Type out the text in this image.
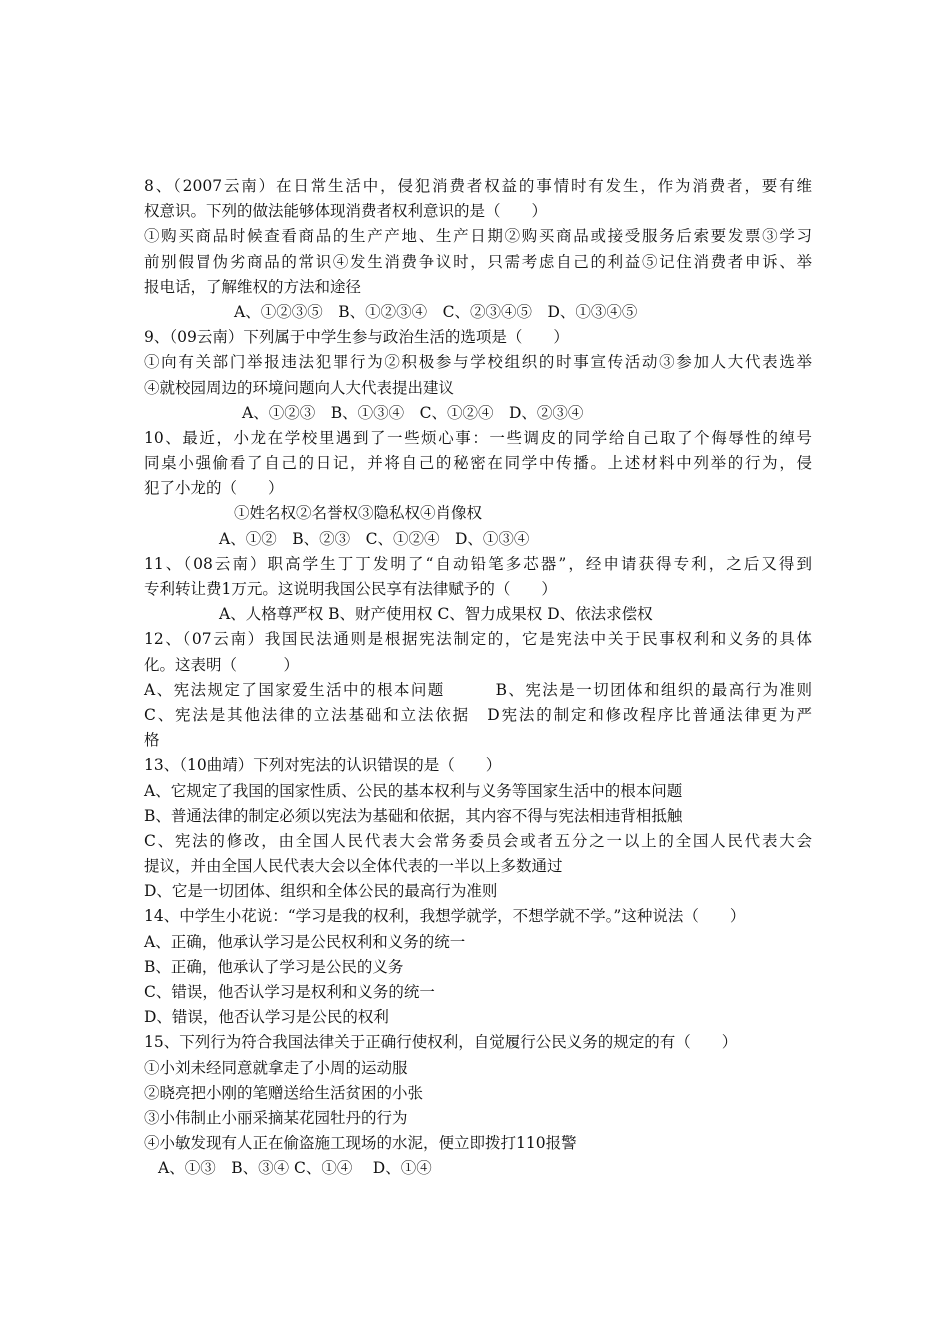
8、（2007云南）在日常生活中，侵犯消费者权益的事情时有发生，作为消费者，要有维
权意识。下列的做法能够体现消费者权利意识的是（　　）
①购买商品时候查看商品的生产产地、生产日期②购买商品或接受服务后索要发票③学习
前别假冒伪劣商品的常识④发生消费争议时，只需考虑自己的利益⑤记住消费者申诉、举
报电话，了解维权的方法和途径
A、①②③⑤　B、①②③④　C、②③④⑤　D、①③④⑤
9、（09云南）下列属于中学生参与政治生活的选项是（　　）
①向有关部门举报违法犯罪行为②积极参与学校组织的时事宣传活动③参加人大代表选举
④就校园周边的环境问题向人大代表提出建议
A、①②③　B、①③④　C、①②④　D、②③④
10、最近，小龙在学校里遇到了一些烦心事：一些调皮的同学给自己取了个侮辱性的绰号
同桌小强偷看了自己的日记，并将自己的秘密在同学中传播。上述材料中列举的行为，侵
犯了小龙的（　　）
①姓名权②名誉权③隐私权④肖像权
A、①②　B、②③　C、①②④　D、①③④
11、（08云南）职高学生丁丁发明了“自动铅笔多芯器”，经申请获得专利，之后又得到
专利转让费1万元。这说明我国公民享有法律赋予的（　　）
A、人格尊严权 B、财产使用权 C、智力成果权 D、依法求偿权
12、（07云南）我国民法通则是根据宪法制定的，它是宪法中关于民事权利和义务的具体
化。这表明（　　　）
A、宪法规定了国家爱生活中的根本问题　　　B、宪法是一切团体和组织的最高行为准则
C、宪法是其他法律的立法基础和立法依据　D宪法的制定和修改程序比普通法律更为严
格
13、（10曲靖）下列对宪法的认识错误的是（　　）
A、它规定了我国的国家性质、公民的基本权利与义务等国家生活中的根本问题
B、普通法律的制定必须以宪法为基础和依据，其内容不得与宪法相违背相抵触
C、宪法的修改，由全国人民代表大会常务委员会或者五分之一以上的全国人民代表大会
提议，并由全国人民代表大会以全体代表的一半以上多数通过
D、它是一切团体、组织和全体公民的最高行为准则
14、中学生小花说：“学习是我的权利，我想学就学，不想学就不学。”这种说法（　　）
A、正确，他承认学习是公民权利和义务的统一
B、正确，他承认了学习是公民的义务
C、错误，他否认学习是权利和义务的统一
D、错误，他否认学习是公民的权利
15、下列行为符合我国法律关于正确行使权利，自觉履行公民义务的规定的有（　　）
①小刘未经同意就拿走了小周的运动服
②晓亮把小刚的笔赠送给生活贫困的小张
③小伟制止小丽采摘某花园牡丹的行为
④小敏发现有人正在偷盗施工现场的水泥，便立即拨打110报警
A、①③　B、③④ C、①④　 D、①④
